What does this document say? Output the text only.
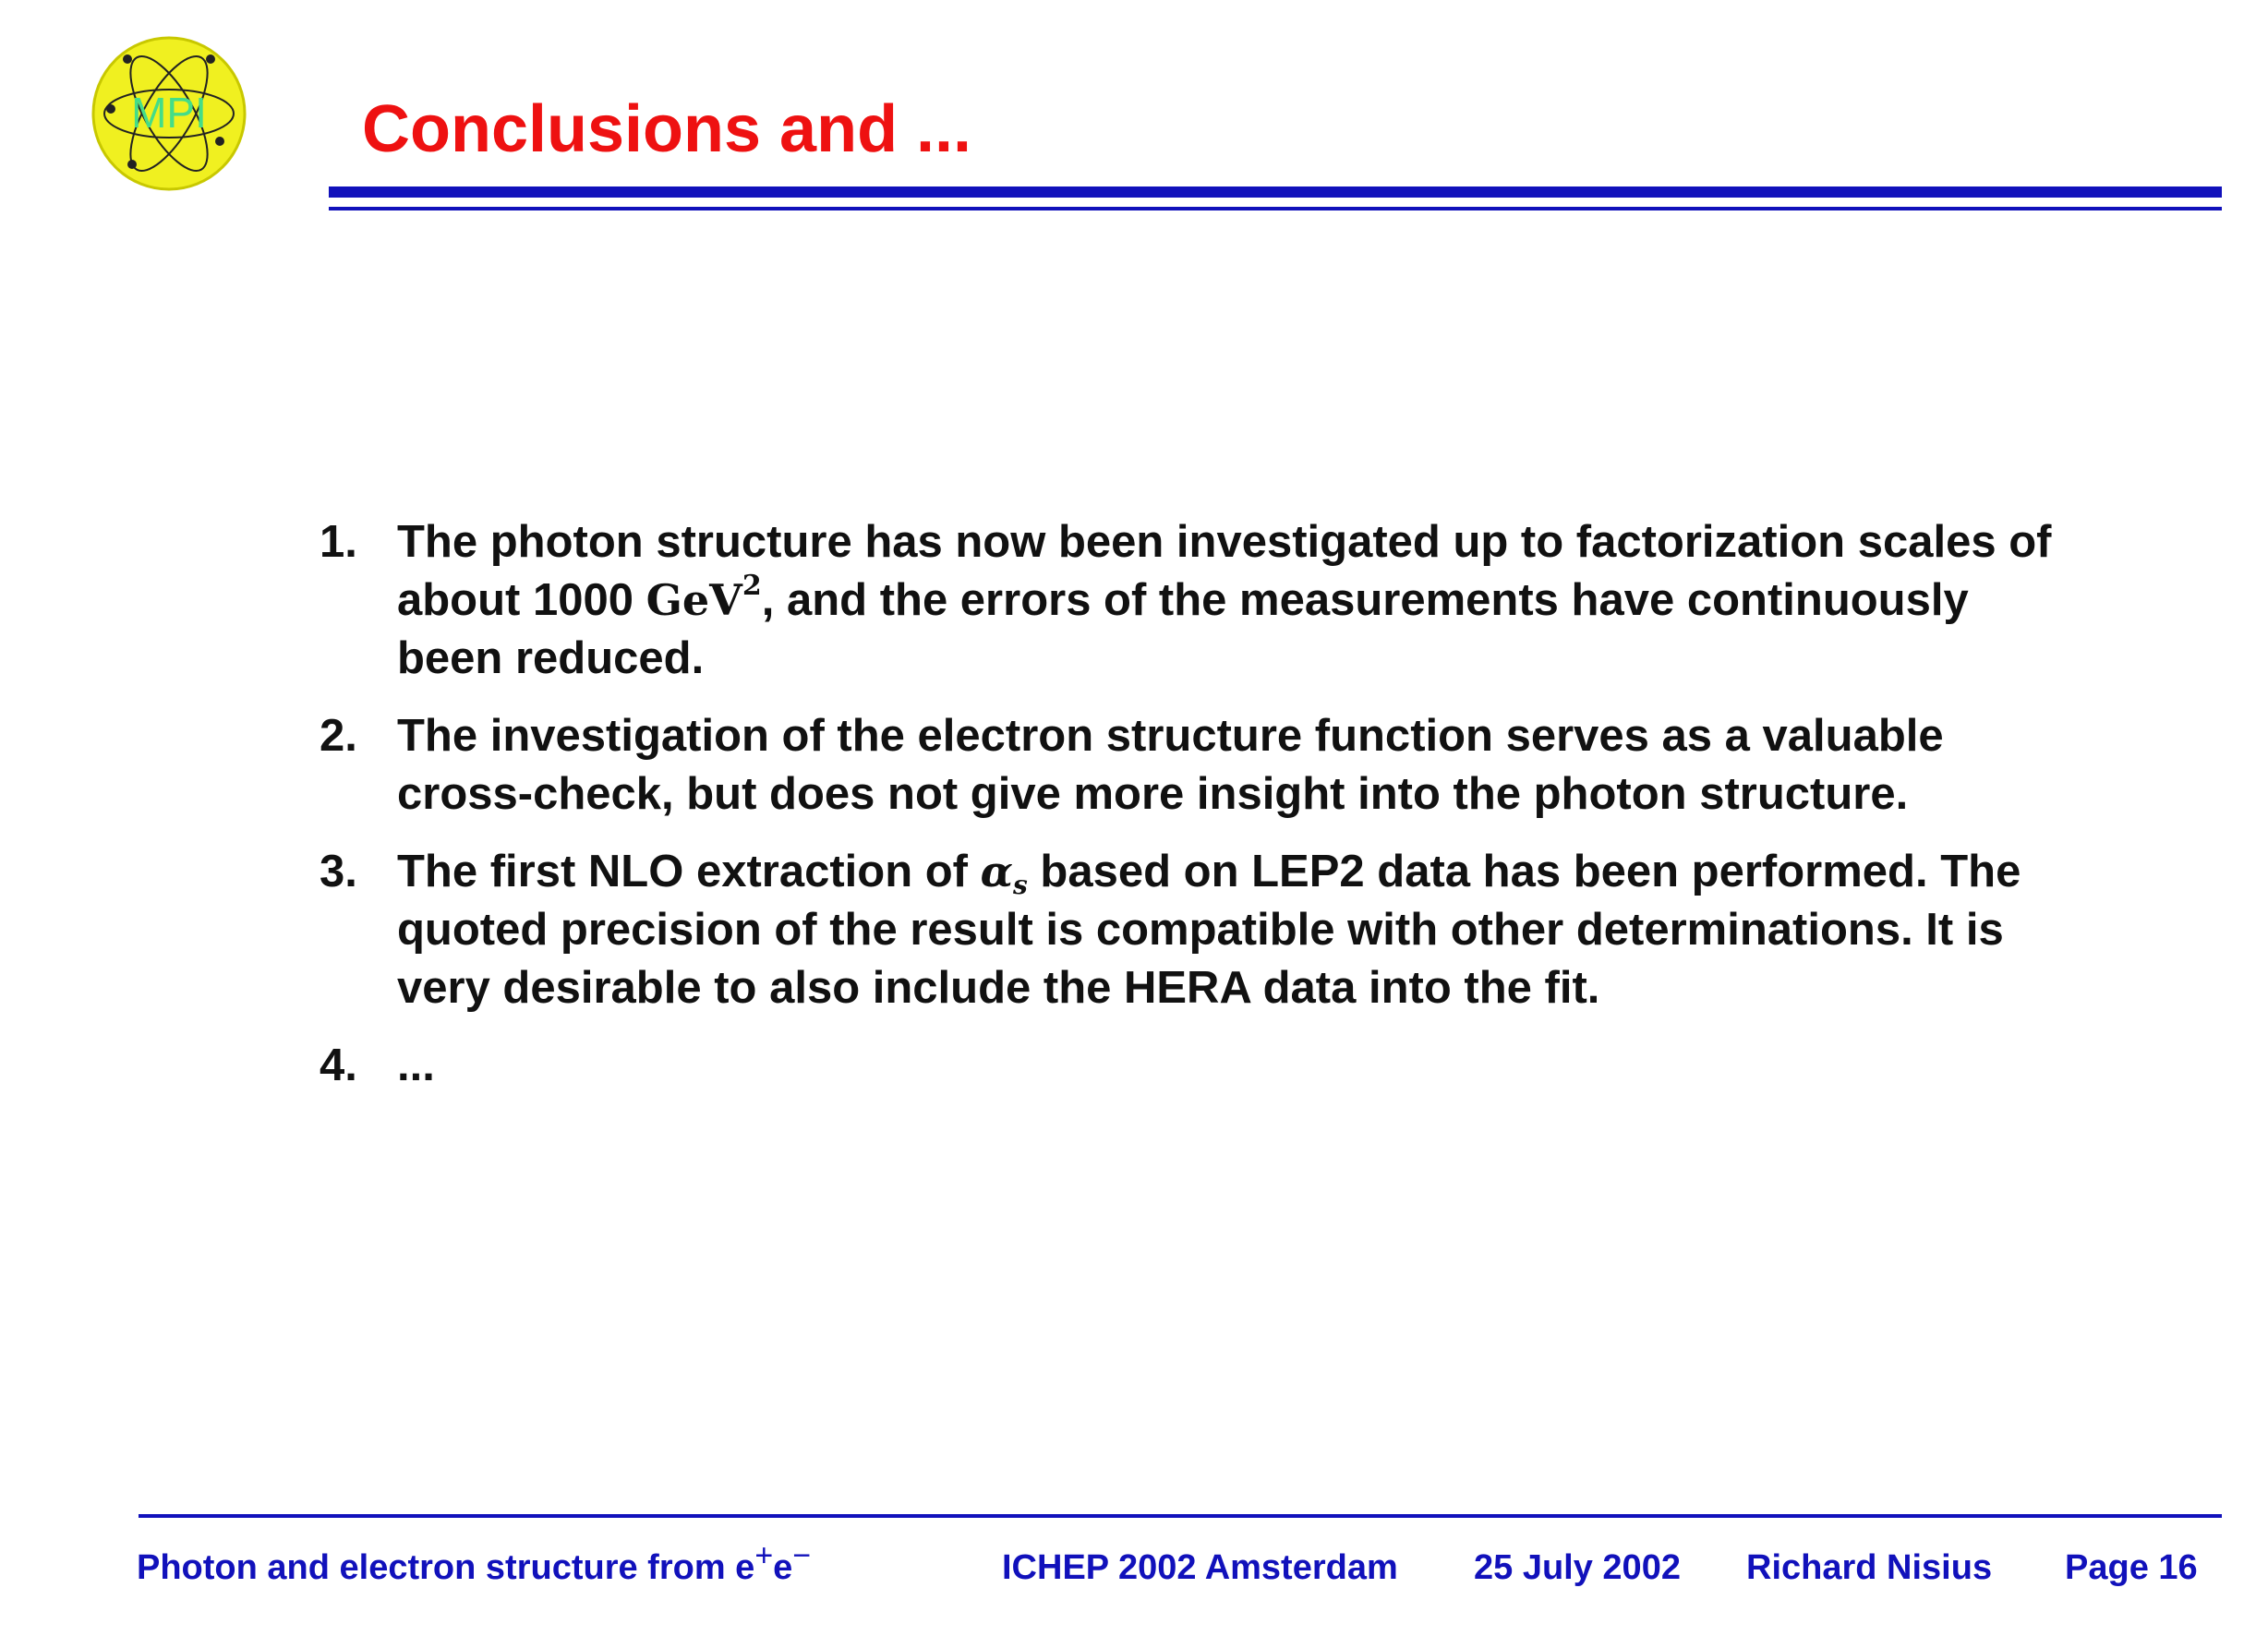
MPI Conclusions and ...
1. The photon structure has now been investigated up to factorization scales of about 1000 GeV$^2$, and the errors of the measurements have continuously been reduced.
2. The investigation of the electron structure function serves as a valuable cross-check, but does not give more insight into the photon structure.
3. The first NLO extraction of $\alpha_s$ based on LEP2 data has been performed. The quoted precision of the result is compatible with other determinations. It is very desirable to also include the HERA data into the fit.
4. ...
Photon and electron structure from e+e−	ICHEP 2002 Amsterdam 25 July 2002 Richard Nisius Page 16
